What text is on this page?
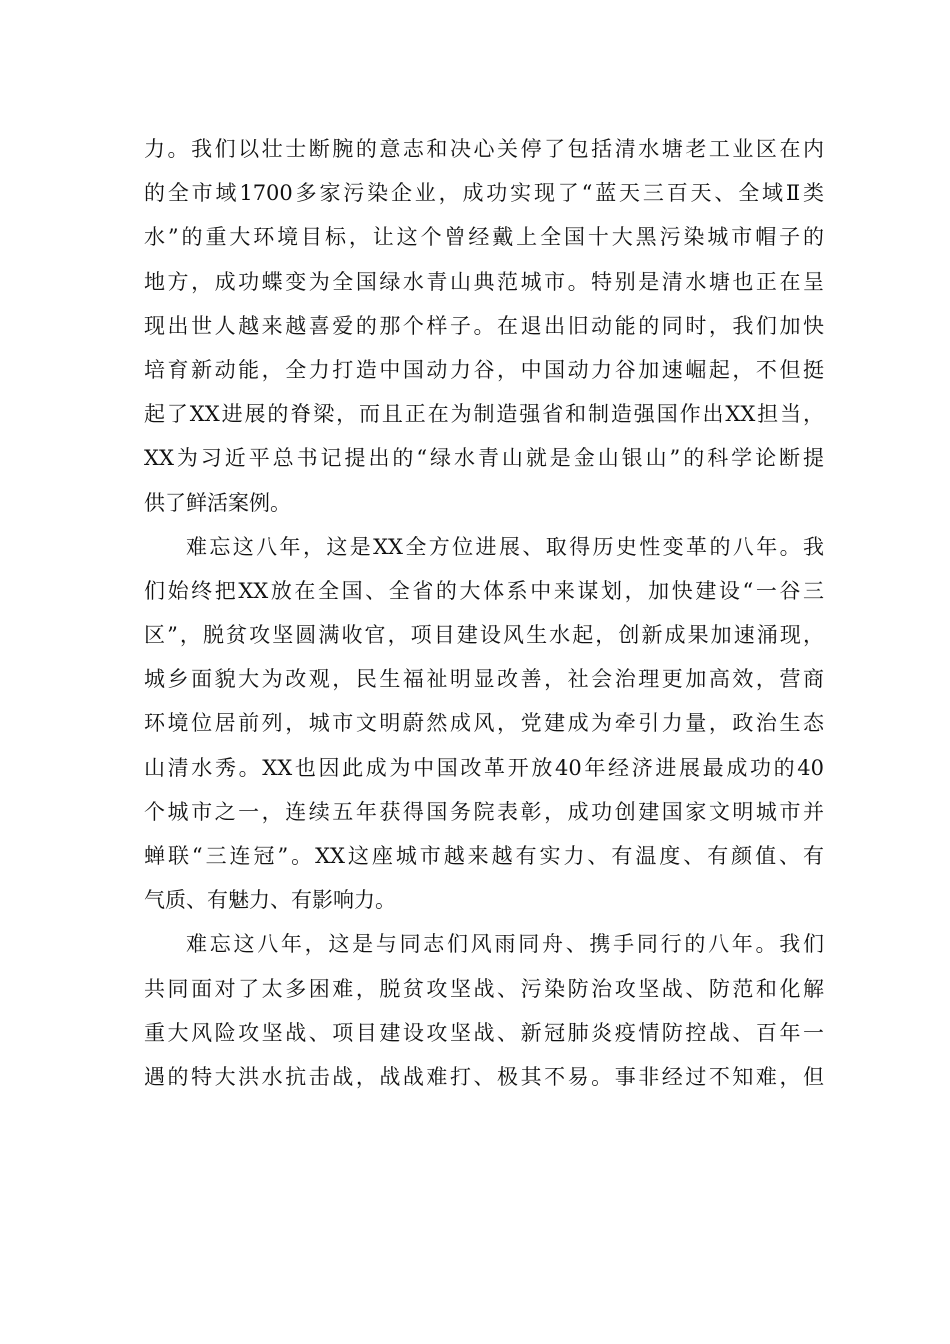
力。我们以壮士断腕的意志和决心关停了包括清水塘老工业区在内
的全市域1700多家污染企业，成功实现了“蓝天三百天、全域Ⅱ类
水”的重大环境目标，让这个曾经戴上全国十大黑污染城市帽子的
地方，成功蝶变为全国绿水青山典范城市。特别是清水塘也正在呈
现出世人越来越喜爱的那个样子。在退出旧动能的同时，我们加快
培育新动能，全力打造中国动力谷，中国动力谷加速崛起，不但挺
起了XX进展的脊梁，而且正在为制造强省和制造强国作出XX担当，
XX为习近平总书记提出的“绿水青山就是金山银山”的科学论断提
供了鲜活案例。
难忘这八年，这是XX全方位进展、取得历史性变革的八年。我
们始终把XX放在全国、全省的大体系中来谋划，加快建设“一谷三
区”，脱贫攻坚圆满收官，项目建设风生水起，创新成果加速涌现，
城乡面貌大为改观，民生福祉明显改善，社会治理更加高效，营商
环境位居前列，城市文明蔚然成风，党建成为牵引力量，政治生态
山清水秀。XX也因此成为中国改革开放40年经济进展最成功的40
个城市之一，连续五年获得国务院表彰，成功创建国家文明城市并
蝉联“三连冠”。XX这座城市越来越有实力、有温度、有颜值、有
气质、有魅力、有影响力。
难忘这八年，这是与同志们风雨同舟、携手同行的八年。我们
共同面对了太多困难，脱贫攻坚战、污染防治攻坚战、防范和化解
重大风险攻坚战、项目建设攻坚战、新冠肺炎疫情防控战、百年一
遇的特大洪水抗击战，战战难打、极其不易。事非经过不知难，但
